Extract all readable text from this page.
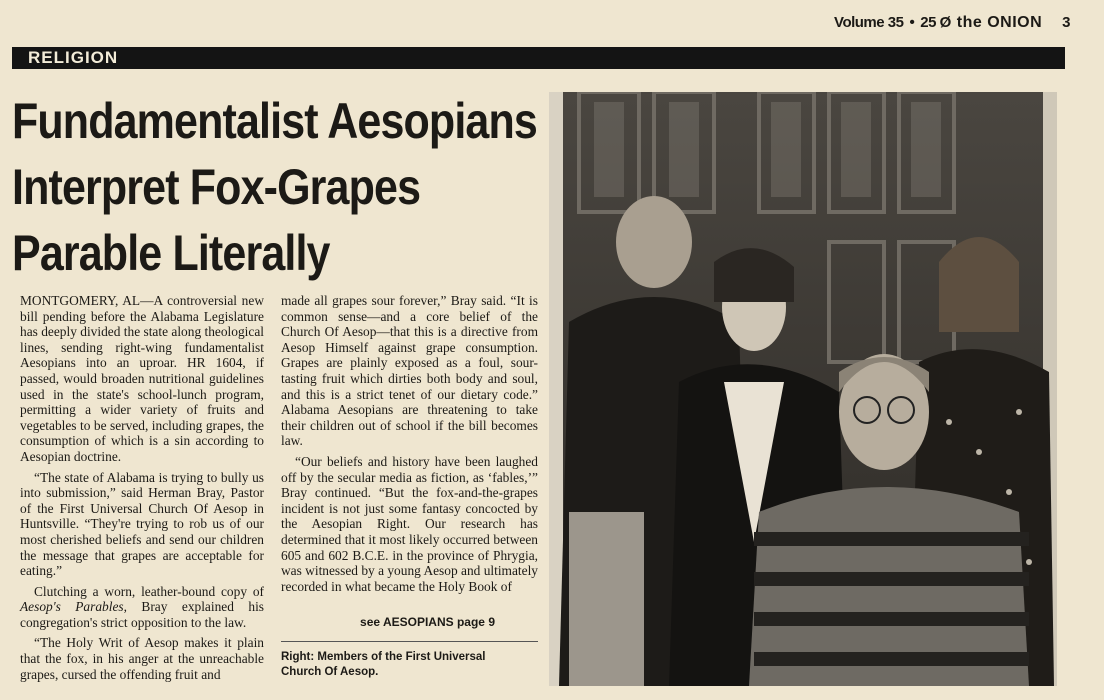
Volume 35 • 25 Ø the ONION 3
RELIGION
Fundamentalist Aesopians
Interpret Fox-Grapes
Parable Literally

MONTGOMERY, AL—A controversial new bill pending before the Alabama Legislature has deeply divided the state along theological lines, sending right-wing fundamentalist Aesopians into an uproar. HR 1604, if passed, would broaden nutritional guidelines used in the state's school-lunch program, permitting a wider variety of fruits and vegetables to be served, including grapes, the consumption of which is a sin according to Aesopian doctrine.

“The state of Alabama is trying to bully us into submission,” said Herman Bray, Pastor of the First Universal Church Of Aesop in Huntsville. “They're trying to rob us of our most cherished beliefs and send our children the message that grapes are acceptable for eating.”

Clutching a worn, leather-bound copy of Aesop's Parables, Bray explained his congregation's strict opposition to the law.

“The Holy Writ of Aesop makes it plain that the fox, in his anger at the unreachable grapes, cursed the offending fruit and

made all grapes sour forever,” Bray said. “It is common sense—and a core belief of the Church Of Aesop—that this is a directive from Aesop Himself against grape consumption. Grapes are plainly exposed as a foul, sour-tasting fruit which dirties both body and soul, and this is a strict tenet of our dietary code.” Alabama Aesopians are threatening to take their children out of school if the bill becomes law.

“Our beliefs and history have been laughed off by the secular media as fiction, as ‘fables,’” Bray continued. “But the fox-and-the-grapes incident is not just some fantasy concocted by the Aesopian Right. Our research has determined that it most likely occurred between 605 and 602 B.C.E. in the province of Phrygia, was witnessed by a young Aesop and ultimately recorded in what became the Holy Book of

see AESOPIANS page 9
Right: Members of the First Universal Church Of Aesop.
